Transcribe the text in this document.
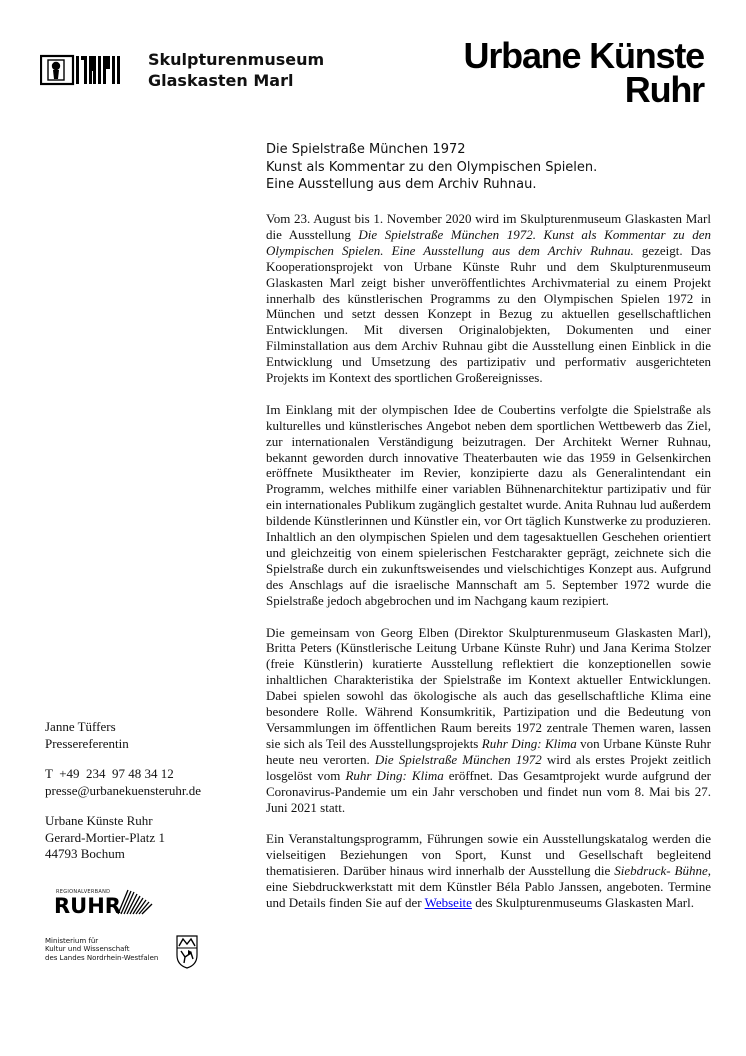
Skulpturenmuseum
Glaskasten Marl
Urbane Künste
Ruhr
Die Spielstraße München 1972
Kunst als Kommentar zu den Olympischen Spielen.
Eine Ausstellung aus dem Archiv Ruhnau.

Vom 23. August bis 1. November 2020 wird im Skulpturenmuseum Glaskasten Marl die Ausstellung Die Spielstraße München 1972. Kunst als Kommentar zu den Olympischen Spielen. Eine Ausstellung aus dem Archiv Ruhnau. gezeigt. Das Kooperationsprojekt von Urbane Künste Ruhr und dem Skulpturenmuseum Glaskasten Marl zeigt bisher unveröffentlichtes Archivmaterial zu einem Projekt innerhalb des künstlerischen Programms zu den Olympischen Spielen 1972 in München und setzt dessen Konzept in Bezug zu aktuellen gesellschaftlichen Entwicklungen. Mit diversen Originalobjekten, Dokumenten und einer Filminstallation aus dem Archiv Ruhnau gibt die Ausstellung einen Einblick in die Entwicklung und Umsetzung des partizipativ und performativ ausgerichteten Projekts im Kontext des sportlichen Großereignisses.

Im Einklang mit der olympischen Idee de Coubertins verfolgte die Spielstraße als kulturelles und künstlerisches Angebot neben dem sportlichen Wettbewerb das Ziel, zur internationalen Verständigung beizutragen. Der Architekt Werner Ruhnau, bekannt geworden durch innovative Theaterbauten wie das 1959 in Gelsenkirchen eröffnete Musiktheater im Revier, konzipierte dazu als Generalintendant ein Programm, welches mithilfe einer variablen Bühnenarchitektur partizipativ und für ein internationales Publikum zugänglich gestaltet wurde. Anita Ruhnau lud außerdem bildende Künstlerinnen und Künstler ein, vor Ort täglich Kunstwerke zu produzieren. Inhaltlich an den olympischen Spielen und dem tagesaktuellen Geschehen orientiert und gleichzeitig von einem spielerischen Festcharakter geprägt, zeichnete sich die Spielstraße durch ein zukunftsweisendes und vielschichtiges Konzept aus. Aufgrund des Anschlags auf die israelische Mannschaft am 5. September 1972 wurde die Spielstraße jedoch abgebrochen und im Nachgang kaum rezipiert.

Die gemeinsam von Georg Elben (Direktor Skulpturenmuseum Glaskasten Marl), Britta Peters (Künstlerische Leitung Urbane Künste Ruhr) und Jana Kerima Stolzer (freie Künstlerin) kuratierte Ausstellung reflektiert die konzeptionellen sowie inhaltlichen Charakteristika der Spielstraße im Kontext aktueller Entwicklungen. Dabei spielen sowohl das ökologische als auch das gesellschaftliche Klima eine besondere Rolle. Während Konsumkritik, Partizipation und die Bedeutung von Versammlungen im öffentlichen Raum bereits 1972 zentrale Themen waren, lassen sie sich als Teil des Ausstellungsprojekts Ruhr Ding: Klima von Urbane Künste Ruhr heute neu verorten. Die Spielstraße München 1972 wird als erstes Projekt zeitlich losgelöst vom Ruhr Ding: Klima eröffnet. Das Gesamtprojekt wurde aufgrund der Coronavirus-Pandemie um ein Jahr verschoben und findet nun vom 8. Mai bis 27. Juni 2021 statt.

Ein Veranstaltungsprogramm, Führungen sowie ein Ausstellungskatalog werden die vielseitigen Beziehungen von Sport, Kunst und Gesellschaft begleitend thematisieren. Darüber hinaus wird innerhalb der Ausstellung die Siebdruck- Bühne, eine Siebdruckwerkstatt mit dem Künstler Béla Pablo Janssen, angeboten. Termine und Details finden Sie auf der Webseite des Skulpturenmuseums Glaskasten Marl.

Janne Tüffers
Pressereferentin
T  +49  234  97 48 34 12
presse@urbanekuensteruhr.de
Urbane Künste Ruhr
Gerard-Mortier-Platz 1
44793 Bochum
REGIONALVERBAND
RUHR
Ministerium für
Kultur und Wissenschaft
des Landes Nordrhein-Westfalen
